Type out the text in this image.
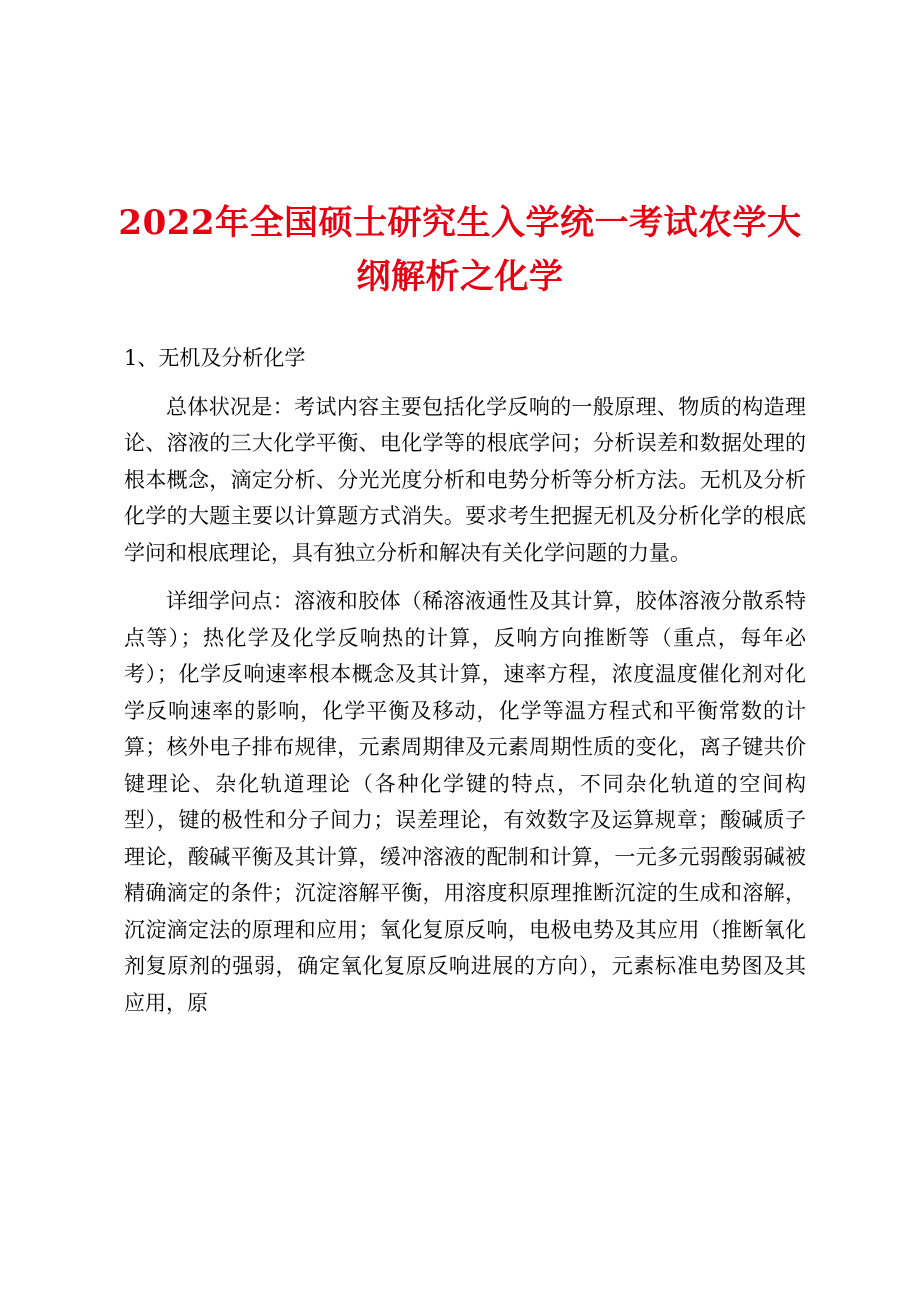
2022年全国硕士研究生入学统一考试农学大
纲解析之化学
1、无机及分析化学

总体状况是：考试内容主要包括化学反响的一般原理、物质的构造理论、溶液的三大化学平衡、电化学等的根底学问；分析误差和数据处理的根本概念，滴定分析、分光光度分析和电势分析等分析方法。无机及分析化学的大题主要以计算题方式消失。要求考生把握无机及分析化学的根底学问和根底理论，具有独立分析和解决有关化学问题的力量。

详细学问点：溶液和胶体（稀溶液通性及其计算，胶体溶液分散系特点等）；热化学及化学反响热的计算，反响方向推断等（重点，每年必考）；化学反响速率根本概念及其计算，速率方程，浓度温度催化剂对化学反响速率的影响，化学平衡及移动，化学等温方程式和平衡常数的计算；核外电子排布规律，元素周期律及元素周期性质的变化，离子键共价键理论、杂化轨道理论（各种化学键的特点，不同杂化轨道的空间构型），键的极性和分子间力；误差理论，有效数字及运算规章；酸碱质子理论，酸碱平衡及其计算，缓冲溶液的配制和计算，一元多元弱酸弱碱被精确滴定的条件；沉淀溶解平衡，用溶度积原理推断沉淀的生成和溶解，沉淀滴定法的原理和应用；氧化复原反响，电极电势及其应用（推断氧化剂复原剂的强弱，确定氧化复原反响进展的方向），元素标准电势图及其应用，原
